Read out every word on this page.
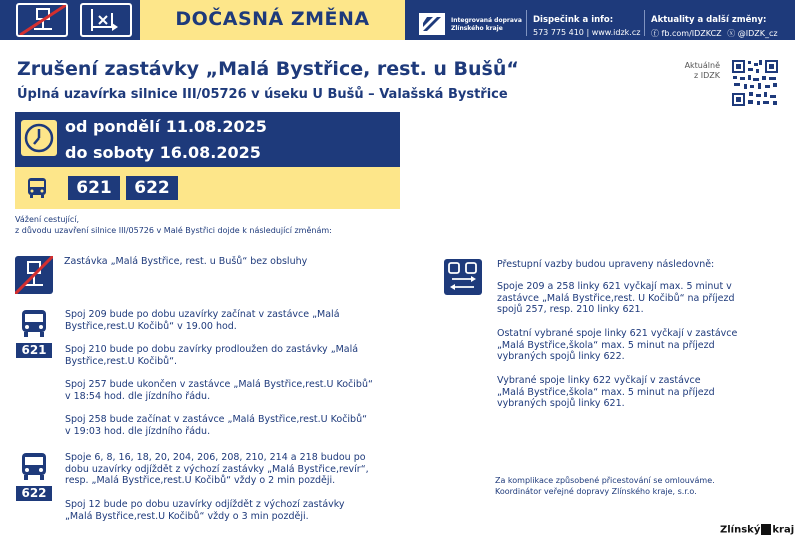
DOČASNÁ ZMĚNA	Integrovaná doprava
Zlínského kraje
Dispečink a info:
573 775 410 | www.idzk.cz
Aktuality a další změny:
ⓕ fb.com/IDZKCZ ⓧ @IDZK_cz
Zrušení zastávky „Malá Bystřice, rest. u Bušů“
Úplná uzavírka silnice III/05726 v úseku U Bušů – Valašská Bystřice
Aktuálně
z IDZK
od pondělí 11.08.2025
do soboty 16.08.2025
621	622
Vážení cestující,
z důvodu uzavření silnice III/05726 v Malé Bystřici dojde k následující změnám:
Zastávka „Malá Bystřice, rest. u Bušů“ bez obsluhy
621
Spoj 209 bude po dobu uzavírky začínat v zastávce „Malá
Bystřice,rest.U Kočibů“ v 19.00 hod.
Spoj 210 bude po dobu zavírky prodloužen do zastávky „Malá
Bystřice,rest.U Kočibů“.
Spoj 257 bude ukončen v zastávce „Malá Bystřice,rest.U Kočibů“
v 18:54 hod. dle jízdního řádu.
Spoj 258 bude začínat v zastávce „Malá Bystřice,rest.U Kočibů“
v 19:03 hod. dle jízdního řádu.
622
Spoje 6, 8, 16, 18, 20, 204, 206, 208, 210, 214 a 218 budou po
dobu uzavírky odjíždět z výchozí zastávky „Malá Bystřice,revír“,
resp. „Malá Bystřice,rest.U Kočibů“ vždy o 2 min později.
Spoj 12 bude po dobu uzavírky odjíždět z výchozí zastávky
„Malá Bystřice,rest.U Kočibů“ vždy o 3 min později.
Přestupní vazby budou upraveny následovně:
Spoje 209 a 258 linky 621 vyčkají max. 5 minut v
zastávce „Malá Bystřice,rest. U Kočibů“ na příjezd
spojů 257, resp. 210 linky 621.
Ostatní vybrané spoje linky 621 vyčkají v zastávce
„Malá Bystřice,škola“ max. 5 minut na příjezd
vybraných spojů linky 622.
Vybrané spoje linky 622 vyčkají v zastávce
„Malá Bystřice,škola“ max. 5 minut na příjezd
vybraných spojů linky 621.
Za komplikace způsobené přicestování se omlouváme.
Koordinátor veřejné dopravy Zlínského kraje, s.r.o.
Zlínský kraj
